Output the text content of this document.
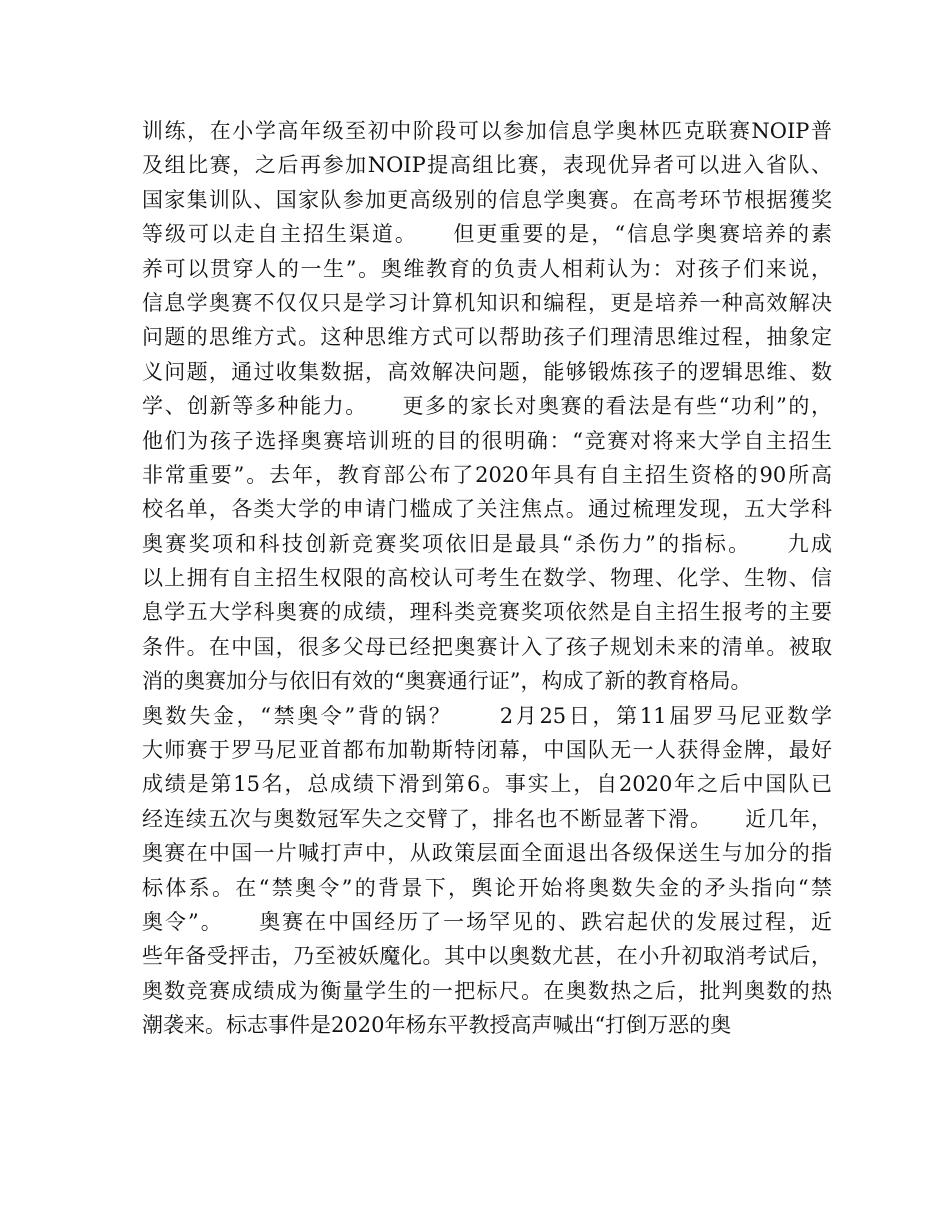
训练，在小学高年级至初中阶段可以参加信息学奥林匹克联赛NOIP普
及组比赛，之后再参加NOIP提高组比赛，表现优异者可以进入省队、
国家集训队、国家队参加更高级别的信息学奥赛。在高考环节根据獲奖
等级可以走自主招生渠道。　　但更重要的是，“信息学奥赛培养的素
养可以贯穿人的一生”。奥维教育的负责人相莉认为：对孩子们来说，
信息学奥赛不仅仅只是学习计算机知识和编程，更是培养一种高效解决
问题的思维方式。这种思维方式可以帮助孩子们理清思维过程，抽象定
义问题，通过收集数据，高效解决问题，能够锻炼孩子的逻辑思维、数
学、创新等多种能力。　　更多的家长对奥赛的看法是有些“功利”的，
他们为孩子选择奥赛培训班的目的很明确：“竞赛对将来大学自主招生
非常重要”。去年，教育部公布了2020年具有自主招生资格的90所高
校名单，各类大学的申请门槛成了关注焦点。通过梳理发现，五大学科
奥赛奖项和科技创新竞赛奖项依旧是最具“杀伤力”的指标。　　九成
以上拥有自主招生权限的高校认可考生在数学、物理、化学、生物、信
息学五大学科奥赛的成绩，理科类竞赛奖项依然是自主招生报考的主要
条件。在中国，很多父母已经把奥赛计入了孩子规划未来的清单。被取
消的奥赛加分与依旧有效的“奥赛通行证”，构成了新的教育格局。
奥数失金，“禁奥令”背的锅？　　2月25日，第11届罗马尼亚数学
大师赛于罗马尼亚首都布加勒斯特闭幕，中国队无一人获得金牌，最好
成绩是第15名，总成绩下滑到第6。事实上，自2020年之后中国队已
经连续五次与奥数冠军失之交臂了，排名也不断显著下滑。　　近几年，
奥赛在中国一片喊打声中，从政策层面全面退出各级保送生与加分的指
标体系。在“禁奥令”的背景下，舆论开始将奥数失金的矛头指向“禁
奥令”。　　奥赛在中国经历了一场罕见的、跌宕起伏的发展过程，近
些年备受抨击，乃至被妖魔化。其中以奥数尤甚，在小升初取消考试后，
奥数竞赛成绩成为衡量学生的一把标尺。在奥数热之后，批判奥数的热
潮袭来。标志事件是2020年杨东平教授高声喊出“打倒万恶的奥
